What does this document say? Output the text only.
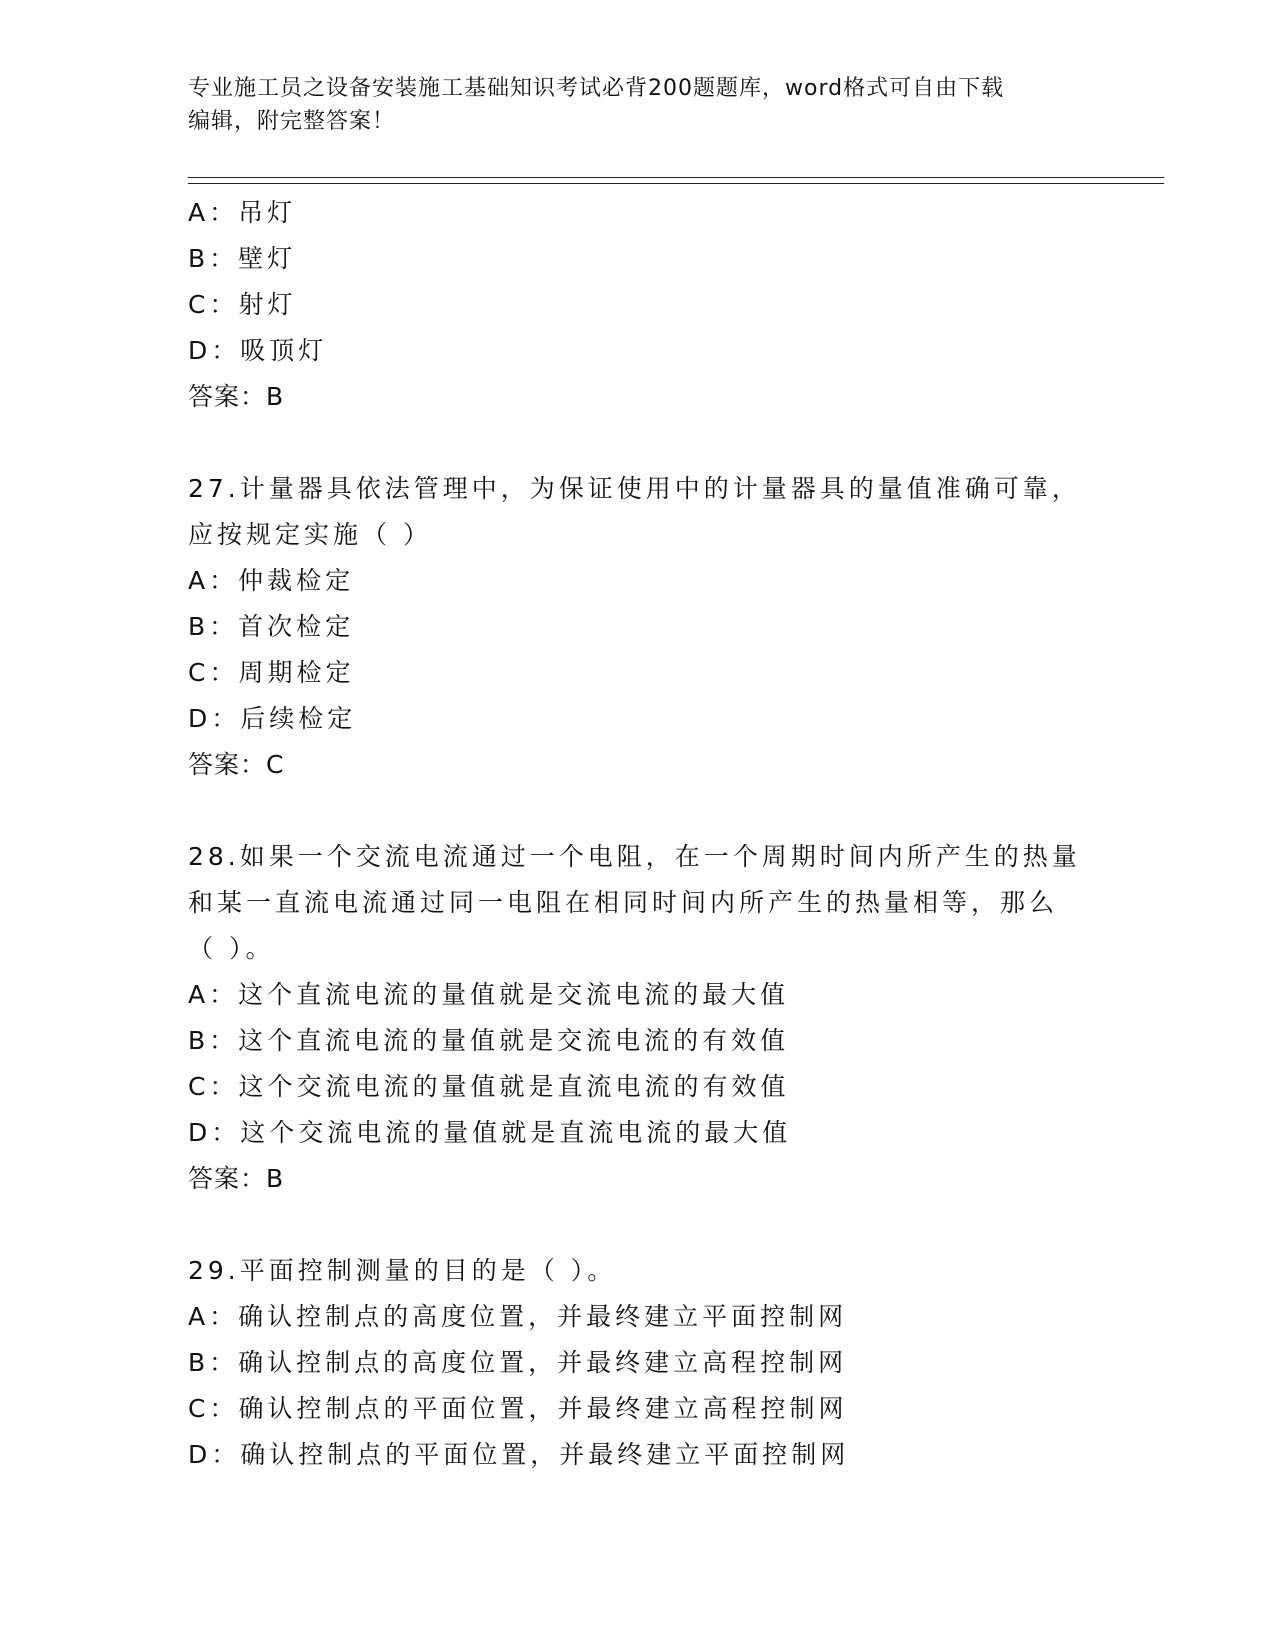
专业施工员之设备安装施工基础知识考试必背200题题库，word格式可自由下载
编辑，附完整答案！
A：吊灯
B：壁灯
C：射灯
D：吸顶灯
答案：B
27.计量器具依法管理中，为保证使用中的计量器具的量值准确可靠，
应按规定实施（ ）
A：仲裁检定
B：首次检定
C：周期检定
D：后续检定
答案：C
28.如果一个交流电流通过一个电阻，在一个周期时间内所产生的热量
和某一直流电流通过同一电阻在相同时间内所产生的热量相等，那么
（ ）。
A：这个直流电流的量值就是交流电流的最大值
B：这个直流电流的量值就是交流电流的有效值
C：这个交流电流的量值就是直流电流的有效值
D：这个交流电流的量值就是直流电流的最大值
答案：B
29.平面控制测量的目的是（ ）。
A：确认控制点的高度位置，并最终建立平面控制网
B：确认控制点的高度位置，并最终建立高程控制网
C：确认控制点的平面位置，并最终建立高程控制网
D：确认控制点的平面位置，并最终建立平面控制网
